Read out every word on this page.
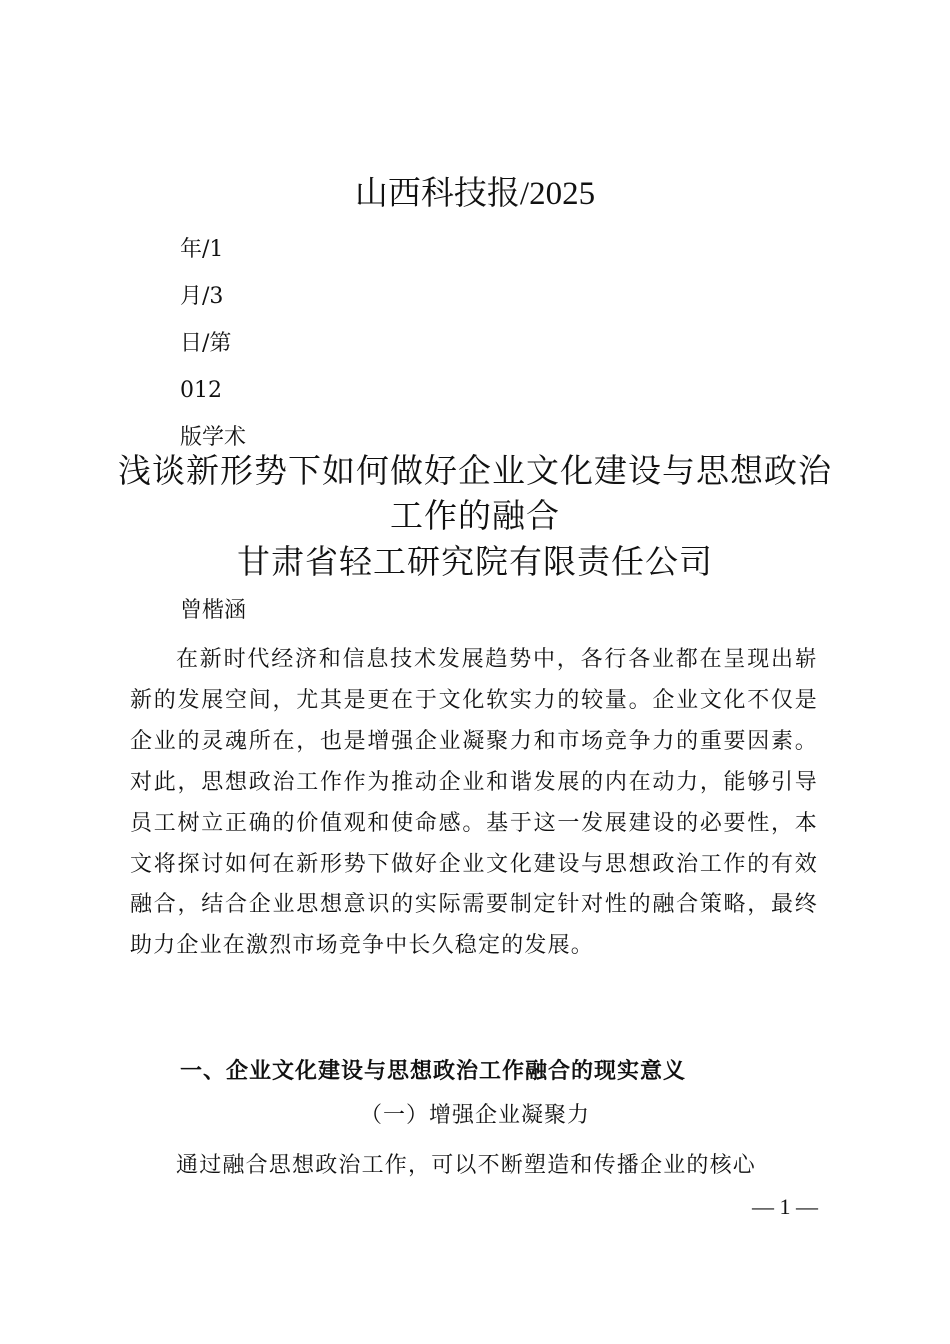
山西科技报/2025
年/1
月/3
日/第
012
版学术
浅谈新形势下如何做好企业文化建设与思想政治工作的融合
甘肃省轻工研究院有限责任公司
曾楷涵

在新时代经济和信息技术发展趋势中，各行各业都在呈现出崭新的发展空间，尤其是更在于文化软实力的较量。企业文化不仅是企业的灵魂所在，也是增强企业凝聚力和市场竞争力的重要因素。对此，思想政治工作作为推动企业和谐发展的内在动力，能够引导员工树立正确的价值观和使命感。基于这一发展建设的必要性，本文将探讨如何在新形势下做好企业文化建设与思想政治工作的有效融合，结合企业思想意识的实际需要制定针对性的融合策略，最终助力企业在激烈市场竞争中长久稳定的发展。

一、企业文化建设与思想政治工作融合的现实意义
（一）增强企业凝聚力

通过融合思想政治工作，可以不断塑造和传播企业的核心

— 1 —
